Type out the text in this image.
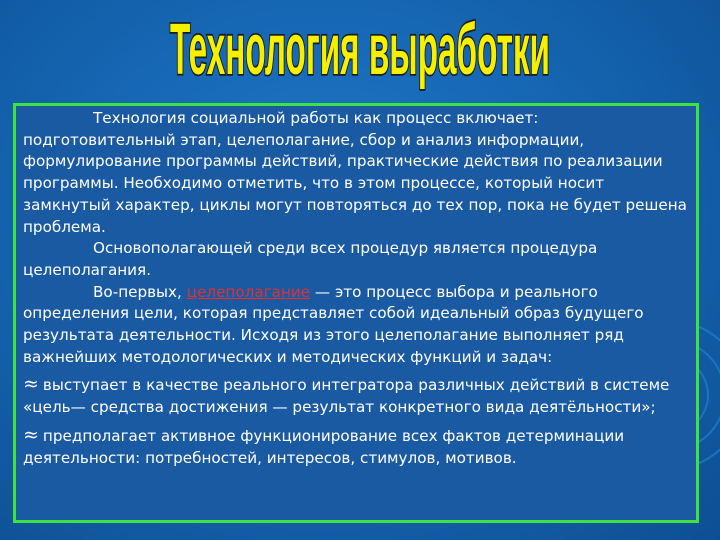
Технология выработки

Технология социальной работы как процесс включает: подготовительный этап, целеполагание, сбор и анализ информации, формулирование программы действий, практические действия по реализации программы. Необходимо отметить, что в этом процессе, который носит замкнутый характер, циклы могут повторяться до тех пор, пока не будет решена проблема.

Основополагающей среди всех процедур является процедура целеполагания.

Во-первых, целеполагание — это процесс выбора и реального определения цели, которая представляет собой идеальный образ будущего результата деятельности. Исходя из этого целеполагание выполняет ряд важнейших методологических и методических функций и задач:

≈ выступает в качестве реального интегратора различных действий в системе «цель— средства достижения — результат конкретного вида деятёльности»;

≈ предполагает активное функционирование всех фактов детерминации деятельности: потребностей, интересов, стимулов, мотивов.
